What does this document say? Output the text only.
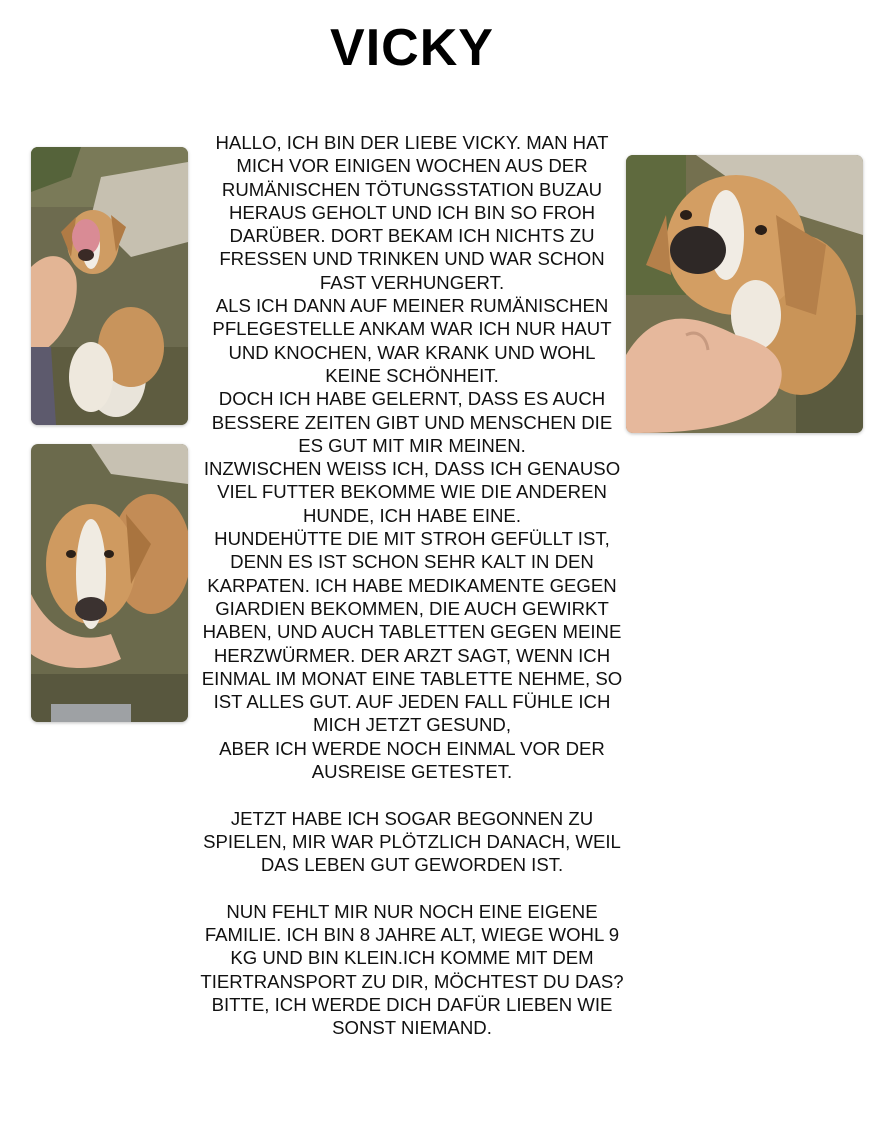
VICKY

HALLO, ICH BIN DER LIEBE VICKY. MAN HAT MICH VOR EINIGEN WOCHEN AUS DER RUMÄNISCHEN TÖTUNGSSTATION BUZAU HERAUS GEHOLT UND ICH BIN SO FROH DARÜBER. DORT BEKAM ICH NICHTS ZU FRESSEN UND TRINKEN UND WAR SCHON FAST VERHUNGERT.

ALS ICH DANN AUF MEINER RUMÄNISCHEN PFLEGESTELLE ANKAM WAR ICH NUR HAUT UND KNOCHEN, WAR KRANK UND WOHL KEINE SCHÖNHEIT.

DOCH ICH HABE GELERNT, DASS ES AUCH BESSERE ZEITEN GIBT UND MENSCHEN DIE ES GUT MIT MIR MEINEN.

INZWISCHEN WEISS ICH, DASS ICH GENAUSO VIEL FUTTER BEKOMME WIE DIE ANDEREN HUNDE, ICH HABE EINE.

HUNDEHÜTTE DIE MIT STROH GEFÜLLT IST, DENN ES IST SCHON SEHR KALT IN DEN KARPATEN. ICH HABE MEDIKAMENTE GEGEN GIARDIEN BEKOMMEN, DIE AUCH GEWIRKT HABEN, UND AUCH TABLETTEN GEGEN MEINE HERZWÜRMER. DER ARZT SAGT, WENN ICH EINMAL IM MONAT EINE TABLETTE NEHME, SO IST ALLES GUT. AUF JEDEN FALL FÜHLE ICH MICH JETZT GESUND,

ABER ICH WERDE NOCH EINMAL VOR DER AUSREISE GETESTET.

JETZT HABE ICH SOGAR BEGONNEN ZU SPIELEN, MIR WAR PLÖTZLICH DANACH, WEIL DAS LEBEN GUT GEWORDEN IST.

NUN FEHLT MIR NUR NOCH EINE EIGENE FAMILIE. ICH BIN 8 JAHRE ALT, WIEGE WOHL 9 KG UND BIN KLEIN.ICH KOMME MIT DEM TIERTRANSPORT ZU DIR, MÖCHTEST DU DAS? BITTE, ICH WERDE DICH DAFÜR LIEBEN WIE SONST NIEMAND.
